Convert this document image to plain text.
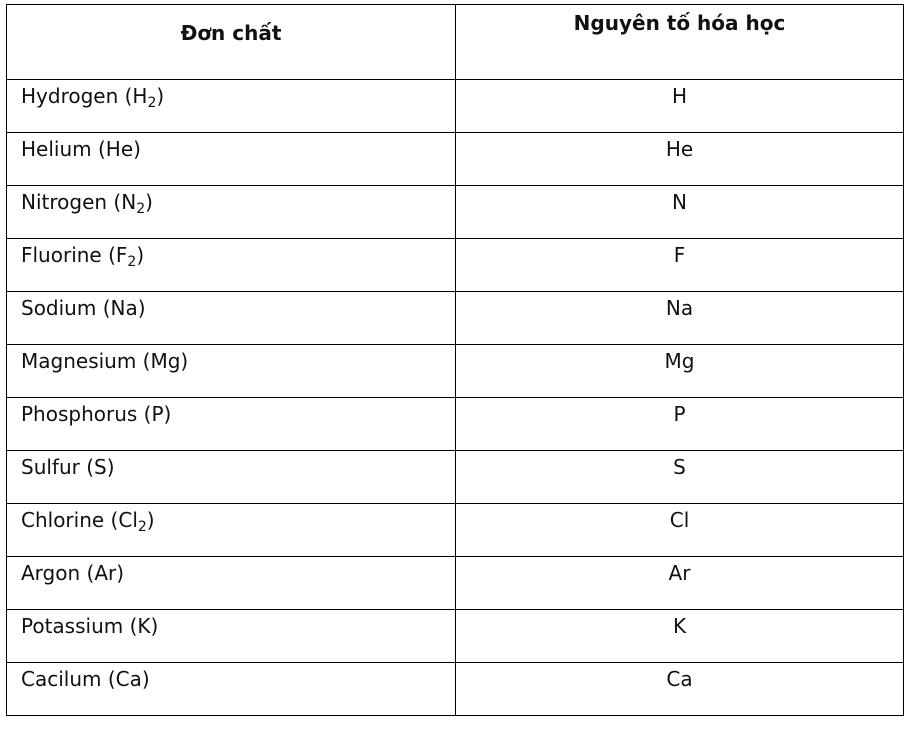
Đơn chất	Nguyên tố hóa học
Hydrogen $(H_2)$	H
Helium (He)	He
Nitrogen $(N_2)$	N
Fluorine $(F_2)$	F
Sodium (Na)	Na
Magnesium (Mg)	Mg
Phosphorus (P)	P
Sulfur (S)	S
Chlorine $(Cl_2)$	Cl
Argon (Ar)	Ar
Potassium (K)	K
Cacilum (Ca)	Ca
